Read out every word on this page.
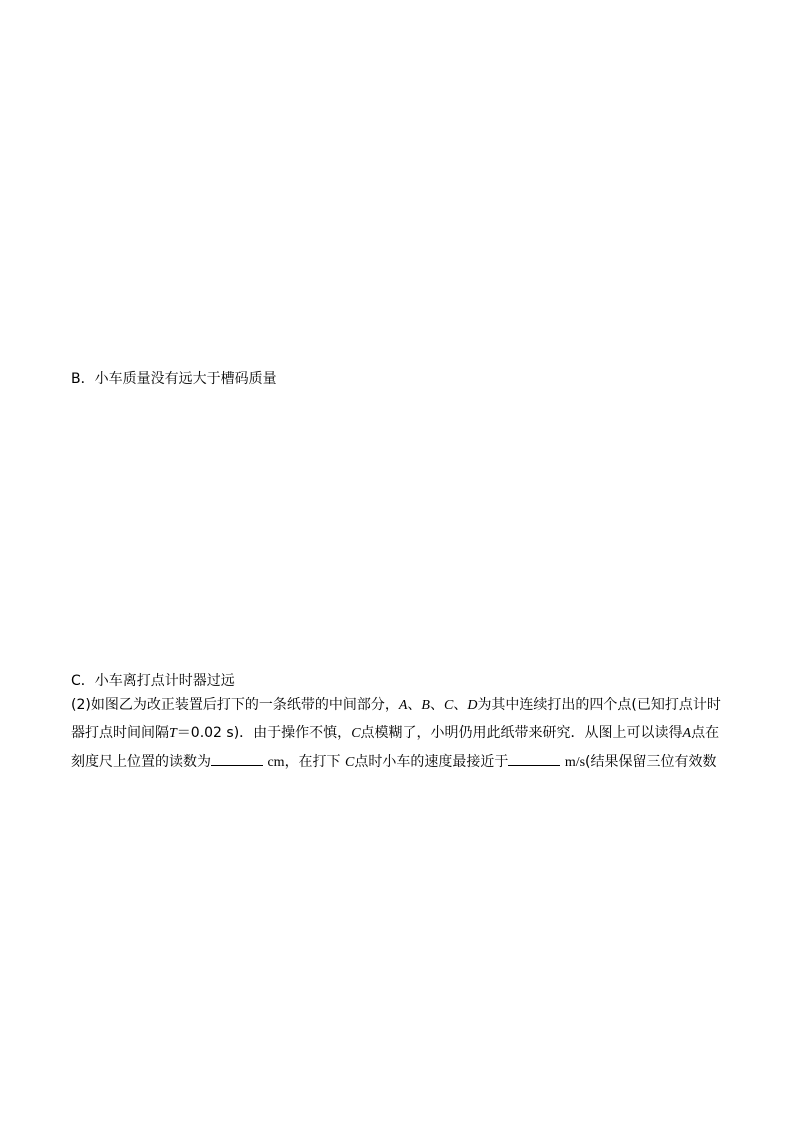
B．小车质量没有远大于槽码质量
C．小车离打点计时器过远
(2)如图乙为改正装置后打下的一条纸带的中间部分，A、B、C、D为其中连续打出的四个点(已知打点计时
器打点时间间隔T＝0.02 s)．由于操作不慎，C点模糊了，小明仍用此纸带来研究．从图上可以读得A点在
刻度尺上位置的读数为	cm，在打下 C点时小车的速度最接近于	m/s(结果保留三位有效数
